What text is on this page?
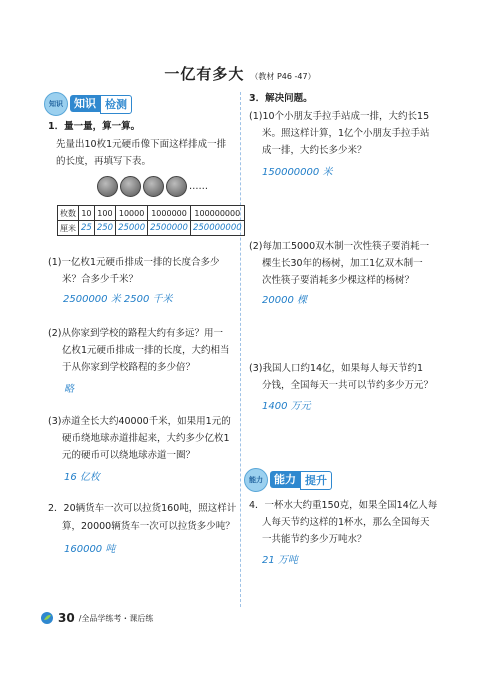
一亿有多大 （教材 P46 -47）
知识	知识 检测
1．量一量，算一算。
先量出10枚1元硬币像下面这样排成一排
的长度，再填写下表。
……
枚数	10	100	10000	1000000	100000000
厘米	25	250	25000	2500000	250000000
(1)一亿枚1元硬币排成一排的长度合多少
米？合多少千米？
2500000 米 2500 千米
(2)从你家到学校的路程大约有多远？用一
亿枚1元硬币排成一排的长度，大约相当
于从你家到学校路程的多少倍？
略
(3)赤道全长大约40000千米，如果用1元的
硬币绕地球赤道排起来，大约多少亿枚1
元的硬币可以绕地球赤道一圈？
16 亿枚
2．20辆货车一次可以拉货160吨，照这样计
算，20000辆货车一次可以拉货多少吨？
160000 吨
3．解决问题。
(1)10个小朋友手拉手站成一排，大约长15
米。照这样计算，1亿个小朋友手拉手站
成一排，大约长多少米？
150000000 米
(2)每加工5000双木制一次性筷子要消耗一
棵生长30年的杨树，加工1亿双木制一
次性筷子要消耗多少棵这样的杨树？
20000 棵
(3)我国人口约14亿，如果每人每天节约1
分钱，全国每天一共可以节约多少万元？
1400 万元
能力	能力 提升
4．一杯水大约重150克，如果全国14亿人每
人每天节约这样的1杯水，那么全国每天
一共能节约多少万吨水？
21 万吨
30 /全品学练考・课后练
